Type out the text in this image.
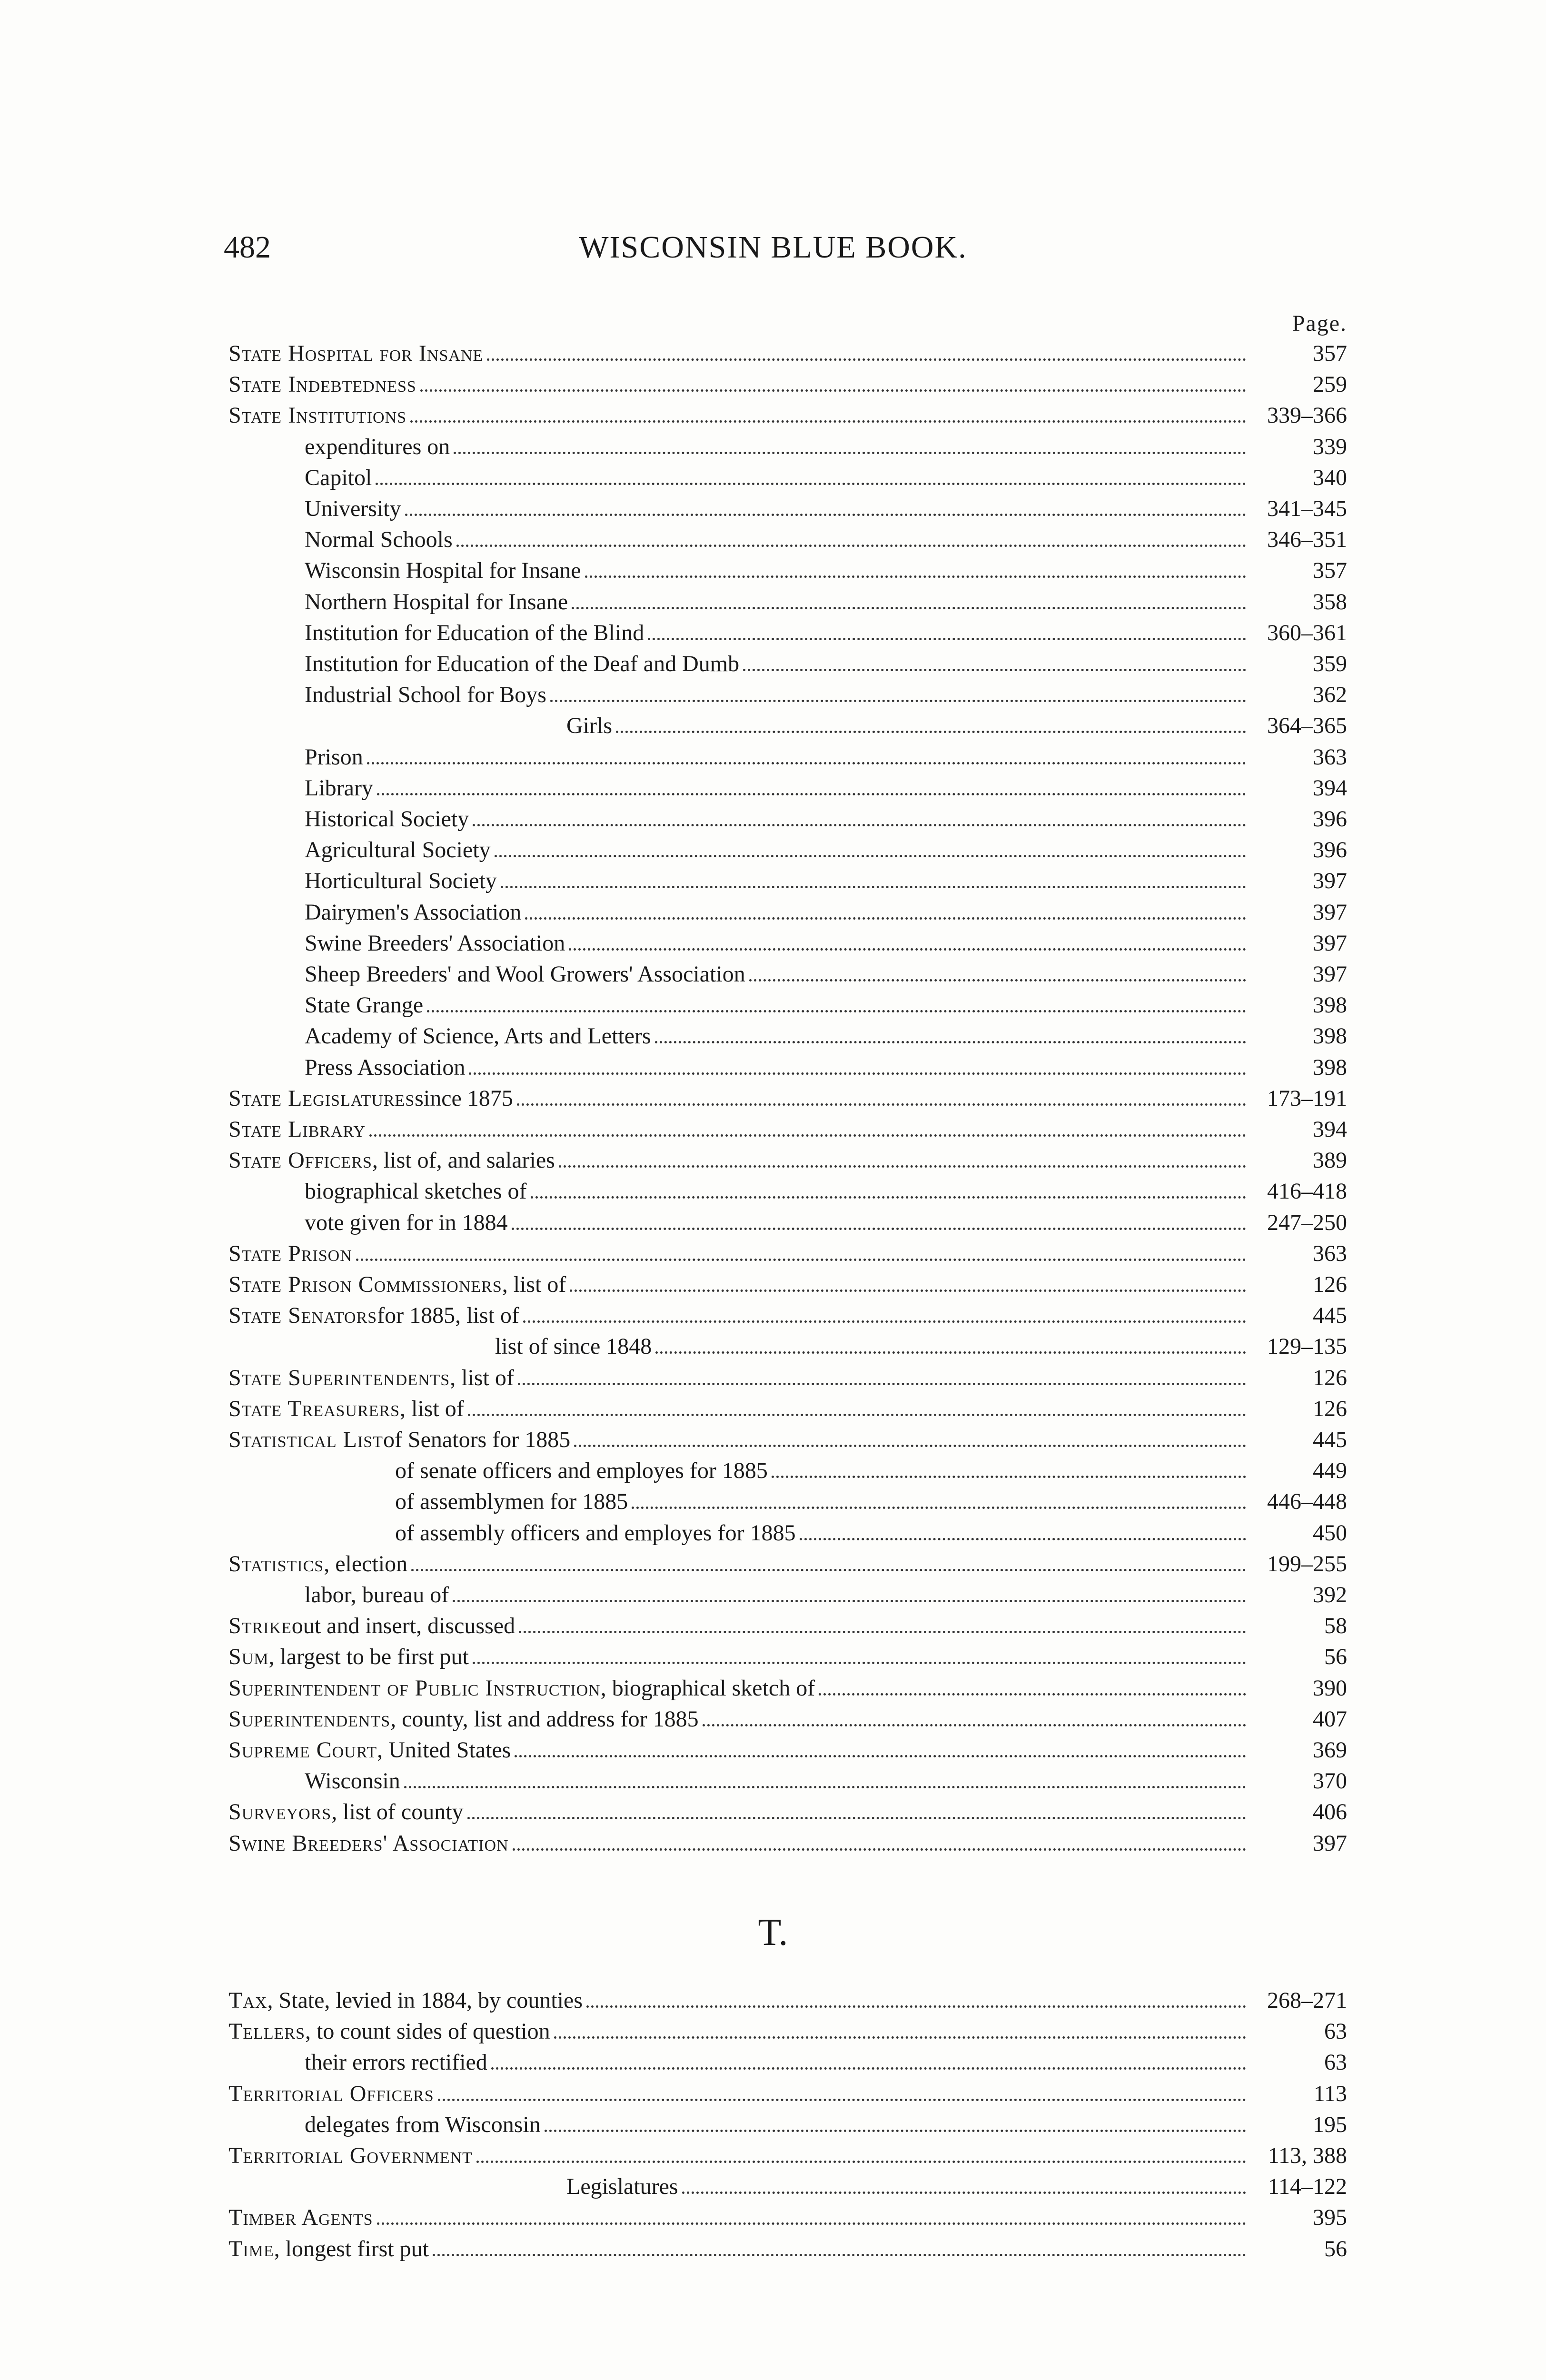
482	WISCONSIN BLUE BOOK.
Page.
State Hospital for Insane	357
State Indebtedness	259
State Institutions	339–366
expenditures on	339
Capitol	340
University	341–345
Normal Schools	346–351
Wisconsin Hospital for Insane	357
Northern Hospital for Insane	358
Institution for Education of the Blind	360–361
Institution for Education of the Deaf and Dumb	359
Industrial School for Boys	362
Girls	364–365
Prison	363
Library	394
Historical Society	396
Agricultural Society	396
Horticultural Society	397
Dairymen's Association	397
Swine Breeders' Association	397
Sheep Breeders' and Wool Growers' Association	397
State Grange	398
Academy of Science, Arts and Letters	398
Press Association	398
State Legislatures since 1875	173–191
State Library	394
State Officers , list of, and salaries	389
biographical sketches of	416–418
vote given for in 1884	247–250
State Prison	363
State Prison Commissioners , list of	126
State Senators for 1885, list of	445
list of since 1848	129–135
State Superintendents , list of	126
State Treasurers , list of	126
Statistical List of Senators for 1885	445
of senate officers and employes for 1885	449
of assemblymen for 1885	446–448
of assembly officers and employes for 1885	450
Statistics , election	199–255
labor, bureau of	392
Strike out and insert, discussed	58
Sum , largest to be first put	56
Superintendent of Public Instruction , biographical sketch of	390
Superintendents , county, list and address for 1885	407
Supreme Court , United States	369
Wisconsin	370
Surveyors , list of county	406
Swine Breeders' Association	397
T.
Tax , State, levied in 1884, by counties	268–271
Tellers , to count sides of question	63
their errors rectified	63
Territorial Officers	113
delegates from Wisconsin	195
Territorial Government	113, 388
Legislatures	114–122
Timber Agents	395
Time , longest first put	56
